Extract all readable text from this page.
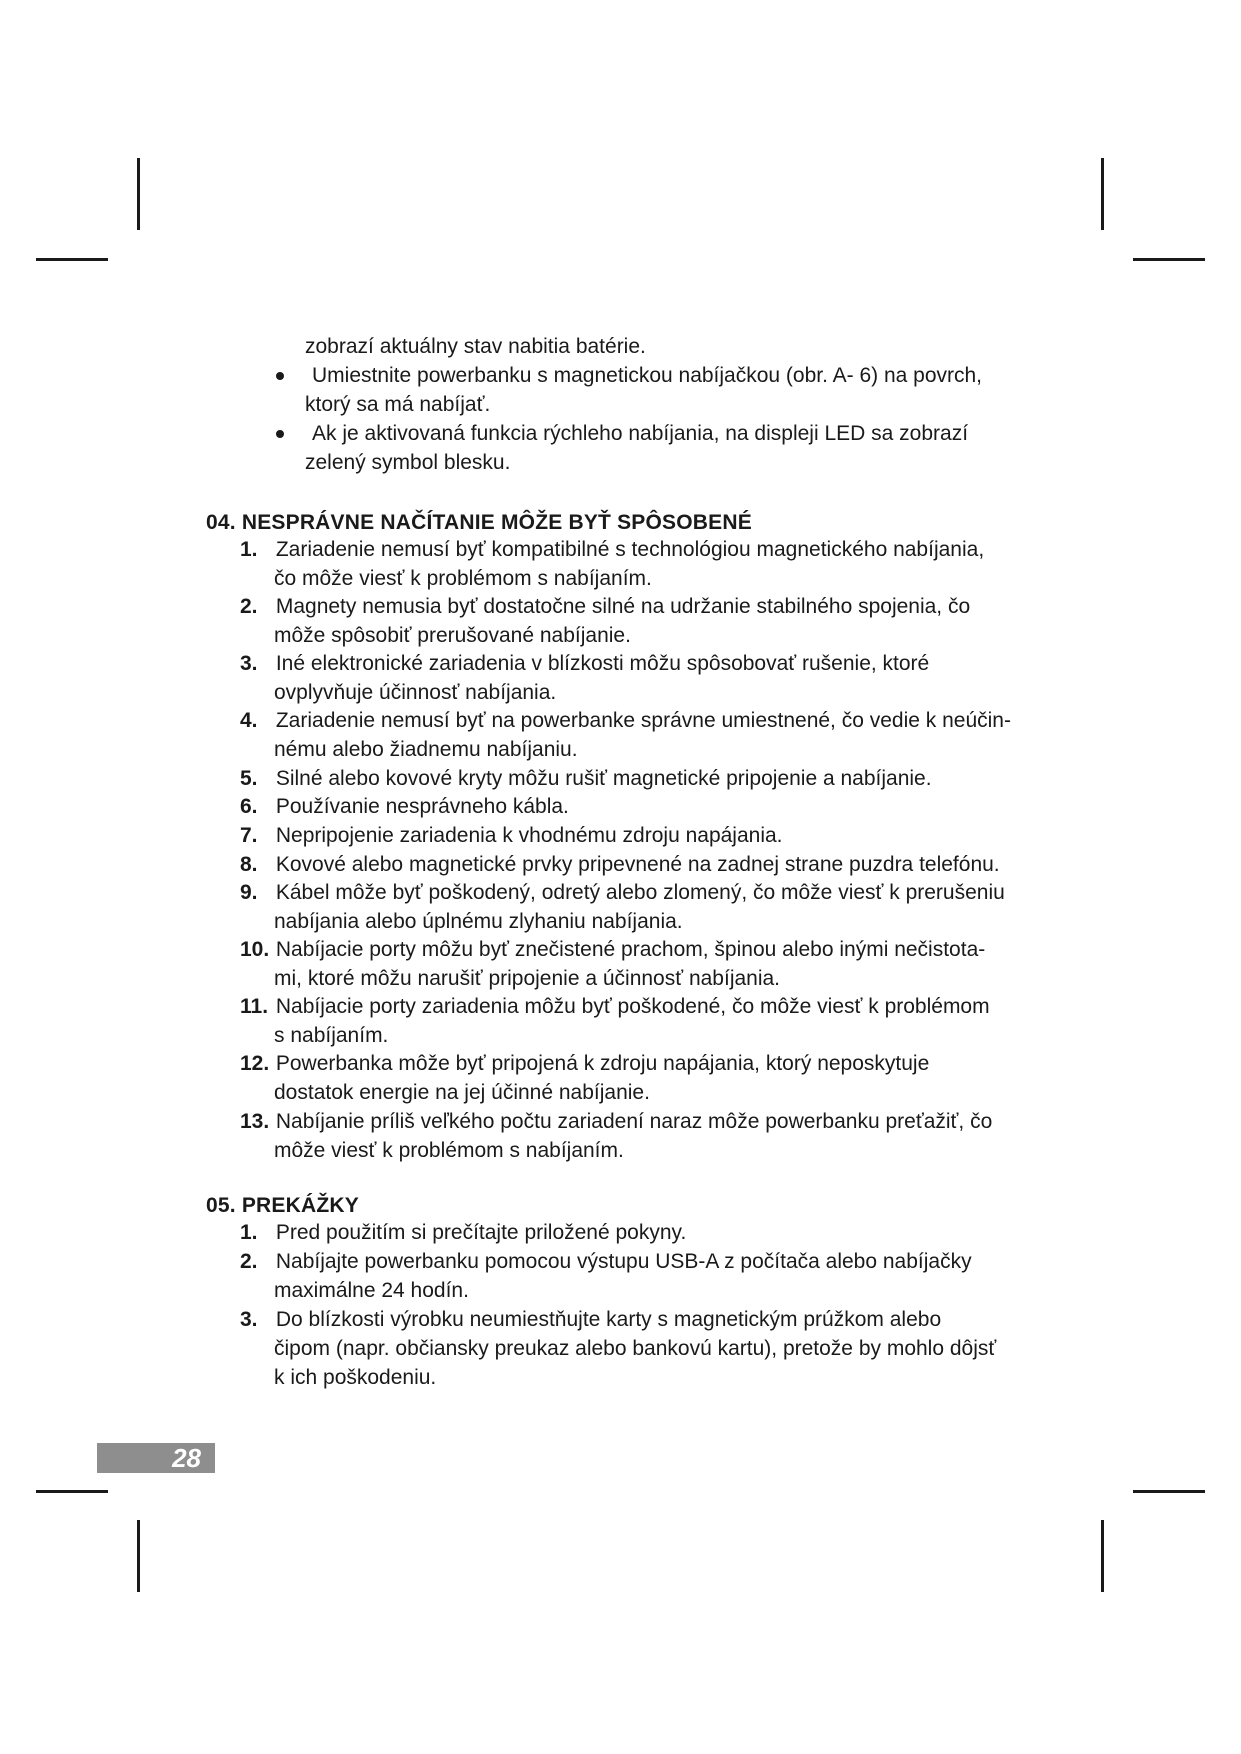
zobrazí aktuálny stav nabitia batérie.
Umiestnite powerbanku s magnetickou nabíjačkou (obr. A- 6) na povrch,
ktorý sa má nabíjať.
Ak je aktivovaná funkcia rýchleho nabíjania, na displeji LED sa zobrazí
zelený symbol blesku.
04. NESPRÁVNE NAČÍTANIE MÔŽE BYŤ SPÔSOBENÉ
1. Zariadenie nemusí byť kompatibilné s technológiou magnetického nabíjania,
čo môže viesť k problémom s nabíjaním.
2. Magnety nemusia byť dostatočne silné na udržanie stabilného spojenia, čo
môže spôsobiť prerušované nabíjanie.
3. Iné elektronické zariadenia v blízkosti môžu spôsobovať rušenie, ktoré
ovplyvňuje účinnosť nabíjania.
4. Zariadenie nemusí byť na powerbanke správne umiestnené, čo vedie k neúčin-
nému alebo žiadnemu nabíjaniu.
5. Silné alebo kovové kryty môžu rušiť magnetické pripojenie a nabíjanie.
6. Používanie nesprávneho kábla.
7. Nepripojenie zariadenia k vhodnému zdroju napájania.
8. Kovové alebo magnetické prvky pripevnené na zadnej strane puzdra telefónu.
9. Kábel môže byť poškodený, odretý alebo zlomený, čo môže viesť k prerušeniu
nabíjania alebo úplnému zlyhaniu nabíjania.
10. Nabíjacie porty môžu byť znečistené prachom, špinou alebo inými nečistota-
mi, ktoré môžu narušiť pripojenie a účinnosť nabíjania.
11. Nabíjacie porty zariadenia môžu byť poškodené, čo môže viesť k problémom
s nabíjaním.
12. Powerbanka môže byť pripojená k zdroju napájania, ktorý neposkytuje
dostatok energie na jej účinné nabíjanie.
13. Nabíjanie príliš veľkého počtu zariadení naraz môže powerbanku preťažiť, čo
môže viesť k problémom s nabíjaním.
05. PREKÁŽKY
1. Pred použitím si prečítajte priložené pokyny.
2. Nabíjajte powerbanku pomocou výstupu USB-A z počítača alebo nabíjačky
maximálne 24 hodín.
3. Do blízkosti výrobku neumiestňujte karty s magnetickým prúžkom alebo
čipom (napr. občiansky preukaz alebo bankovú kartu), pretože by mohlo dôjsť
k ich poškodeniu.
28
